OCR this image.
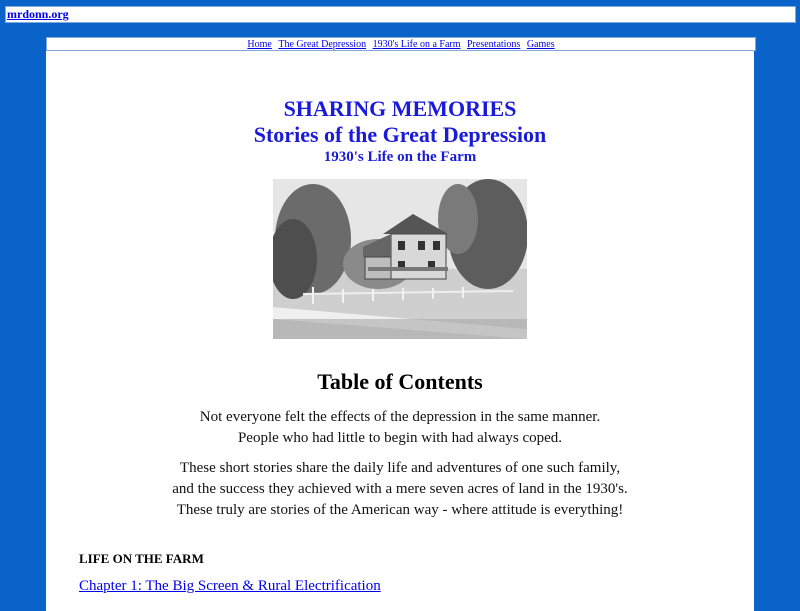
mrdonn.org
Home The Great Depression 1930's Life on a Farm Presentations Games
SHARING MEMORIES
Stories of the Great Depression
1930's Life on the Farm
Table of Contents
Not everyone felt the effects of the depression in the same manner.
People who had little to begin with had always coped.
These short stories share the daily life and adventures of one such family,
and the success they achieved with a mere seven acres of land in the 1930's.
These truly are stories of the American way - where attitude is everything!
LIFE ON THE FARM
Chapter 1: The Big Screen & Rural Electrification
